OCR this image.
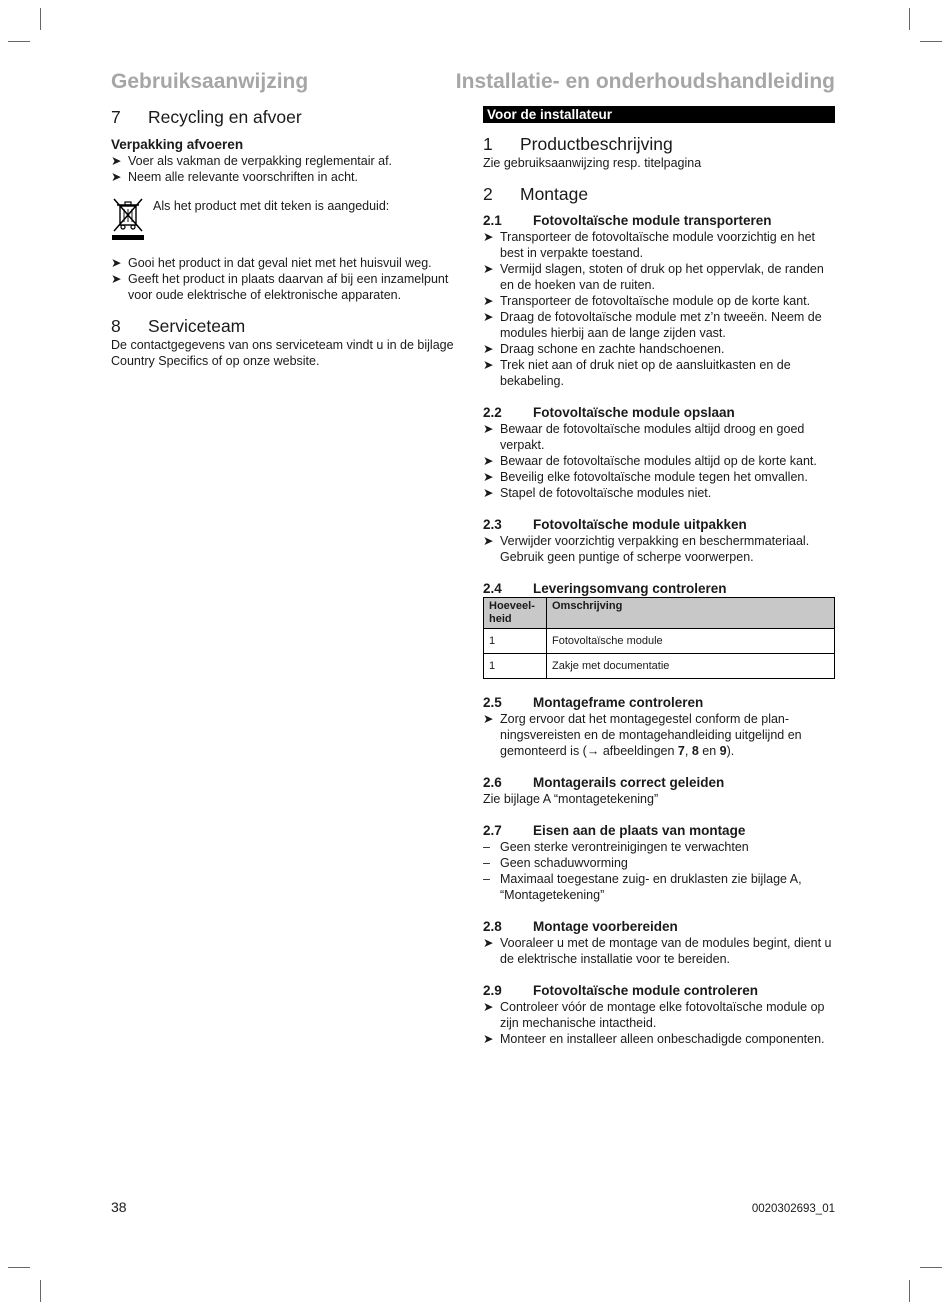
Gebruiksaanwijzing	Installatie- en onderhoudshandleiding
7	Recycling en afvoer
Verpakking afvoeren
➤ Voer als vakman de verpakking reglementair af.
➤ Neem alle relevante voorschriften in acht.

Als het product met dit teken is aangeduid:

➤ Gooi het product in dat geval niet met het huisvuil weg.
➤ Geeft het product in plaats daarvan af bij een inzamelpunt voor oude elektrische of elektronische apparaten.
8	Serviceteam

De contactgegevens van ons serviceteam vindt u in de bijlage Country Specifics of op onze website.

Voor de installateur
1	Productbeschrijving

Zie gebruiksaanwijzing resp. titelpagina

2	Montage
2.1	Fotovoltaïsche module transporteren
➤ Transporteer de fotovoltaïsche module voorzichtig en het best in verpakte toestand.
➤ Vermijd slagen, stoten of druk op het oppervlak, de randen en de hoeken van de ruiten.
➤ Transporteer de fotovoltaïsche module op de korte kant.
➤ Draag de fotovoltaïsche module met z’n tweeën. Neem de modules hierbij aan de lange zijden vast.
➤ Draag schone en zachte handschoenen.
➤ Trek niet aan of druk niet op de aansluitkasten en de bekabeling.
2.2	Fotovoltaïsche module opslaan
➤ Bewaar de fotovoltaïsche modules altijd droog en goed verpakt.
➤ Bewaar de fotovoltaïsche modules altijd op de korte kant.
➤ Beveilig elke fotovoltaïsche module tegen het omvallen.
➤ Stapel de fotovoltaïsche modules niet.
2.3	Fotovoltaïsche module uitpakken
➤ Verwijder voorzichtig verpakking en beschermmateriaal. Gebruik geen puntige of scherpe voorwerpen.
2.4	Leveringsomvang controleren
Hoeveelheid	Omschrijving
1	Fotovoltaïsche module
1	Zakje met documentatie
2.5	Montageframe controleren
➤ Zorg ervoor dat het montagegestel conform de planningsvereisten en de montagehandleiding uitgelijnd en gemonteerd is (→ afbeeldingen 7, 8 en 9).
2.6	Montagerails correct geleiden

Zie bijlage A “montagetekening”

2.7	Eisen aan de plaats van montage
– Geen sterke verontreinigingen te verwachten
– Geen schaduwvorming
– Maximaal toegestane zuig- en druklasten zie bijlage A, “Montagetekening”
2.8	Montage voorbereiden
➤ Vooraleer u met de montage van de modules begint, dient u de elektrische installatie voor te bereiden.
2.9	Fotovoltaïsche module controleren
➤ Controleer vóór de montage elke fotovoltaïsche module op zijn mechanische intactheid.
➤ Monteer en installeer alleen onbeschadigde componenten.
38	0020302693_01
